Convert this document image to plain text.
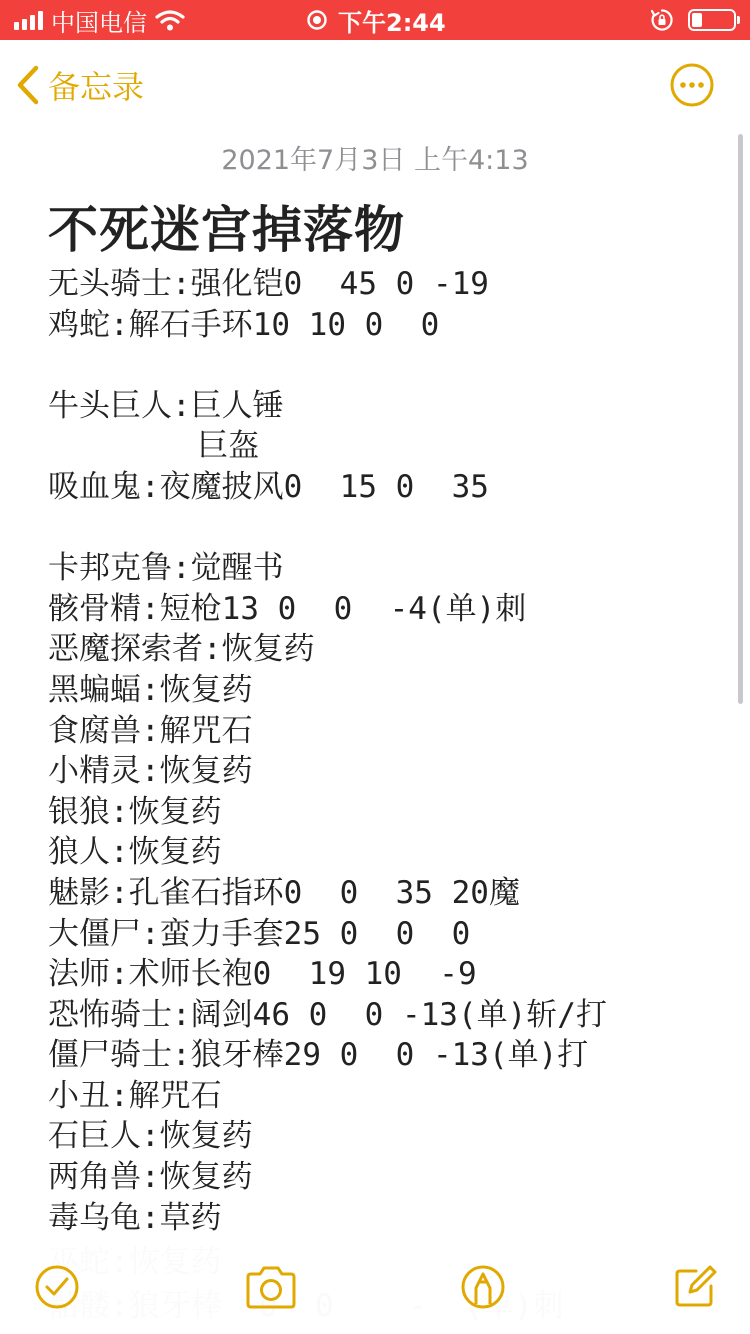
中国电信	下午2:44
备忘录
2021年7月3日 上午4:13
不死迷宫掉落物
无头骑士:强化铠0  45 0 -19
鸡蛇:解石手环10 10 0  0
牛头巨人:巨人锤
巨盔
吸血鬼:夜魔披风0  15 0  35
卡邦克鲁:觉醒书
骸骨精:短枪13 0  0  -4(单)刺
恶魔探索者:恢复药
黑蝙蝠:恢复药
食腐兽:解咒石
小精灵:恢复药
银狼:恢复药
狼人:恢复药
魅影:孔雀石指环0  0  35 20魔
大僵尸:蛮力手套25 0  0  0
法师:术师长袍0  19 10  -9
恐怖骑士:阔剑46 0  0 -13(单)斩/打
僵尸骑士:狼牙棒29 0  0 -13(单)打
小丑:解咒石
石巨人:恢复药
两角兽:恢复药
毒乌龟:草药
